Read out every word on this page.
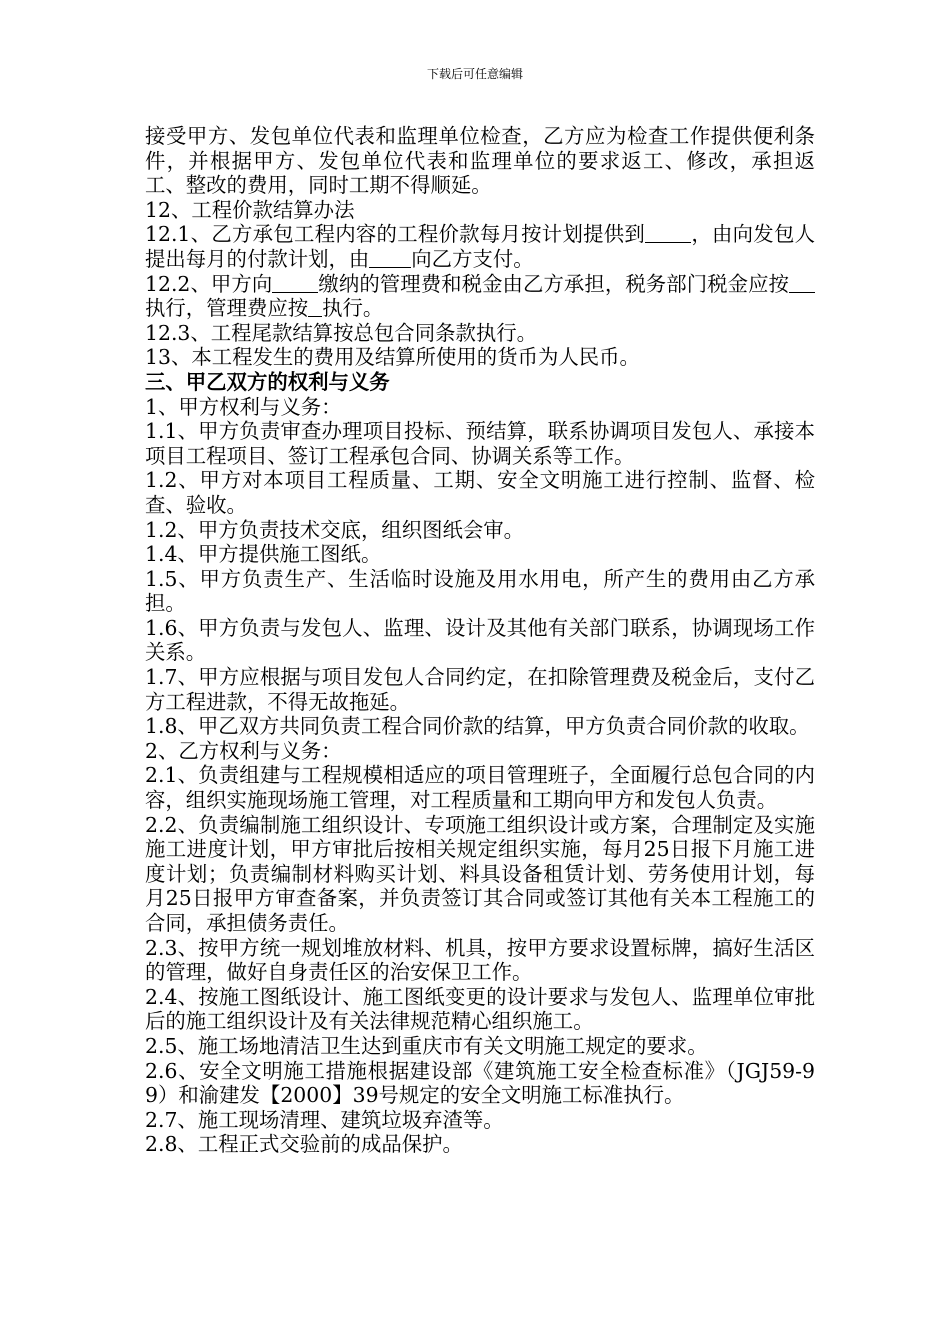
下载后可任意编辑

接受甲方、发包单位代表和监理单位检查，乙方应为检查工作提供便利条件，并根据甲方、发包单位代表和监理单位的要求返工、修改，承担返工、整改的费用，同时工期不得顺延。

12、工程价款结算办法

12.1、乙方承包工程内容的工程价款每月按计划提供到 ，由向发包人提出每月的付款计划，由 向乙方支付。

12.2、甲方向 缴纳的管理费和税金由乙方承担，税务部门税金应按执行，管理费应按 执行。

12.3、工程尾款结算按总包合同条款执行。

13、本工程发生的费用及结算所使用的货币为人民币。

三、甲乙双方的权利与义务

1、甲方权利与义务：

1.1、甲方负责审查办理项目投标、预结算，联系协调项目发包人、承接本项目工程项目、签订工程承包合同、协调关系等工作。

1.2、甲方对本项目工程质量、工期、安全文明施工进行控制、监督、检查、验收。

1.2、甲方负责技术交底，组织图纸会审。

1.4、甲方提供施工图纸。

1.5、甲方负责生产、生活临时设施及用水用电，所产生的费用由乙方承担。

1.6、甲方负责与发包人、监理、设计及其他有关部门联系，协调现场工作关系。

1.7、甲方应根据与项目发包人合同约定，在扣除管理费及税金后，支付乙方工程进款，不得无故拖延。

1.8、甲乙双方共同负责工程合同价款的结算，甲方负责合同价款的收取。

2、乙方权利与义务：

2.1、负责组建与工程规模相适应的项目管理班子，全面履行总包合同的内容，组织实施现场施工管理，对工程质量和工期向甲方和发包人负责。

2.2、负责编制施工组织设计、专项施工组织设计或方案，合理制定及实施施工进度计划，甲方审批后按相关规定组织实施，每月25日报下月施工进度计划；负责编制材料购买计划、料具设备租赁计划、劳务使用计划，每月25日报甲方审查备案，并负责签订其合同或签订其他有关本工程施工的合同，承担债务责任。

2.3、按甲方统一规划堆放材料、机具，按甲方要求设置标牌，搞好生活区的管理，做好自身责任区的治安保卫工作。

2.4、按施工图纸设计、施工图纸变更的设计要求与发包人、监理单位审批后的施工组织设计及有关法律规范精心组织施工。

2.5、施工场地清洁卫生达到重庆市有关文明施工规定的要求。

2.6、安全文明施工措施根据建设部《建筑施工安全检查标准》（JGJ59-99）和渝建发【2000】39号规定的安全文明施工标准执行。

2.7、施工现场清理、建筑垃圾弃渣等。

2.8、工程正式交验前的成品保护。
